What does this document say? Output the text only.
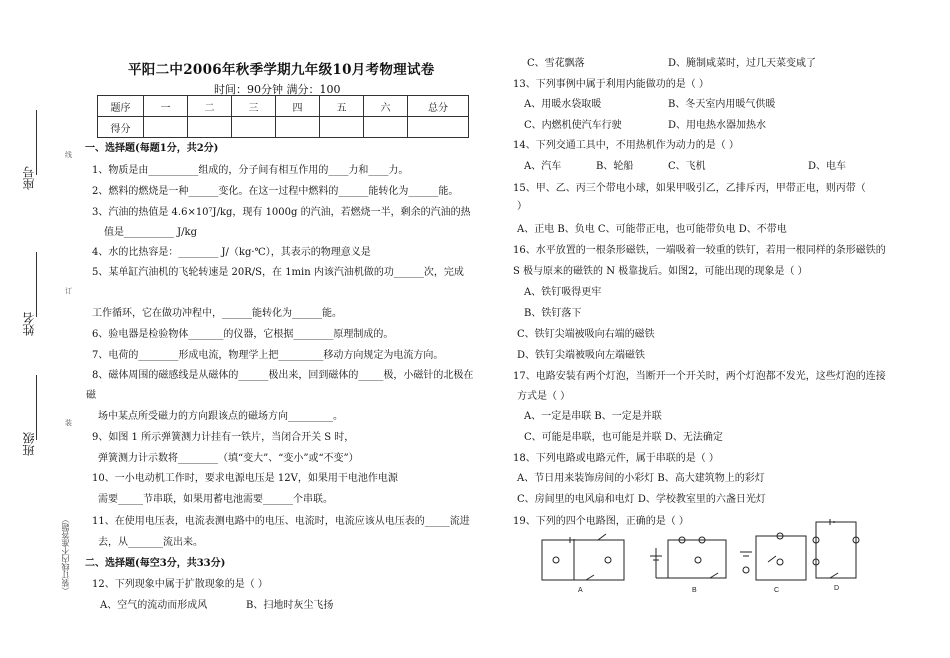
座号
姓名
班级
（装订线内不准答题）
线
订
装
平阳二中2006年秋季学期九年级10月考物理试卷
时间：90分钟 满分：100
题序	一	二	三	四	五	六	总分
得分							
一、选择题(每题1分，共2分)
1、物质是由__________组成的，分子间有相互作用的____力和____力。
2、燃料的燃烧是一种______变化。在这一过程中燃料的______能转化为______能。
3、汽油的热值是 4.6×10⁷J/kg，现有 1000g 的汽油，若燃烧一半，剩余的汽油的热
值是__________ J/kg
4、水的比热容是：________ J/（kg·℃），其表示的物理意义是
5、某单缸汽油机的飞轮转速是 20R/S，在 1min 内该汽油机做的功______次，完成
工作循环，它在做功冲程中，______能转化为______能。
6、验电器是检验物体_______的仪器，它根据________原理制成的。
7、电荷的________形成电流，物理学上把_________移动方向规定为电流方向。
8、磁体周围的磁感线是从磁体的______极出来，回到磁体的_____极，小磁针的北极在
磁
场中某点所受磁力的方向跟该点的磁场方向_________。
9、如图 1 所示弹簧测力计挂有一铁片，当闭合开关 S 时，
弹簧测力计示数将________（填“变大”、“变小”或“不变”）
10、一小电动机工作时，要求电源电压是 12V，如果用干电池作电源
需要_____节串联，如果用蓄电池需要______个串联。
11、在使用电压表，电流表测电路中的电压、电流时，电流应该从电压表的_____流进
去，从_______流出来。
二、选择题(每空3分，共33分)
12、下列现象中属于扩散现象的是（ ）
A、空气的流动而形成风	B、扫地时灰尘飞扬
C、雪花飘落	D、腌制咸菜时，过几天菜变咸了
13、下列事例中属于利用内能做功的是（ ）
A、用暖水袋取暖	B、冬天室内用暖气供暖
C、内燃机使汽车行驶	D、用电热水器加热水
14、下列交通工具中，不用热机作为动力的是（ ）
A、汽车	B、轮船	C、飞机	D、电车
15、甲、乙、丙三个带电小球，如果甲吸引乙，乙排斥丙，甲带正电，则丙带（
）
A、正电 B、负电 C、可能带正电，也可能带负电 D、不带电
16、水平放置的一根条形磁铁，一端吸着一较重的铁钉，若用一根同样的条形磁铁的
S 极与原来的磁铁的 N 极靠拢后。如图2，可能出现的现象是（ ）
A、铁钉吸得更牢
B、铁钉落下
C、铁钉尖端被吸向右端的磁铁
D、铁钉尖端被吸向左端磁铁
17、电路安装有两个灯泡，当断开一个开关时，两个灯泡都不发光，这些灯泡的连接
方式是（ ）
A、一定是串联 B、一定是并联
C、可能是串联，也可能是并联 D、无法确定
18、下列电路或电路元件，属于串联的是（ ）
A、节日用来装饰房间的小彩灯 B、高大建筑物上的彩灯
C、房间里的电风扇和电灯 D、学校教室里的六盏日光灯
19、下列的四个电路图，正确的是（ ）
A	B	C	D
